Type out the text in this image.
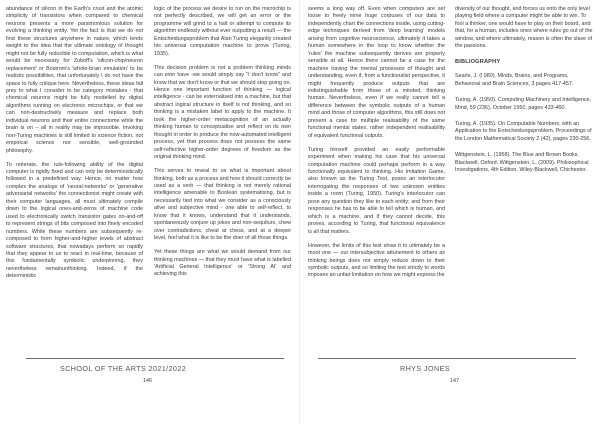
abundance of silicon in the Earth's crust and the atomic simplicity of transistors when compared to chemical neurons presents a more parsimonious solution for evolving a thinking entity. Yet the fact is that we do not find these structures anywhere in nature, which lends weight to the idea that the ultimate ontology of thought might not be fully reducible to computation, which is what would be necessary for Zuboff's 'silicon-chip/neuron replacement' or Bostrom's 'whole-brain emulation' to be realistic possibilities, that unfortunately I do not have the space to fully critique here. Nevertheless, these ideas fall prey to what I consider to be category mistakes - that chemical neurons might be fully modelled by digital algorithms running on electronic microchips, or that we can non-destructively measure and replace both individual neurons and their entire connectome while the brain is on – all in reality may be impossible. Invoking non-Turing machines is still limited to science fiction, not empirical science nor sensible, well-grounded philosophy.

To reiterate, the rule-following ability of the digital computer is rigidly fixed and can only be deterministically followed in a predefined way. Hence, no matter how complex the analogs of 'neural-networks' or 'generative adversarial networks' the connectionist might create with their computer languages, all must ultimately compile down to the logical ones-and-zeros of machine code used to electronically switch transistor gates on-and-off to represent strings of bits composed into finely encoded numbers. While these numbers are subsequently re-composed to form higher-and-higher levels of abstract software structures, that nowadays perform so rapidly that they appear to us to react in real-time, because of this fundamentally symbolic underpinning, they nevertheless remainunthinking. Indeed, if the deterministic

logic of the process we desire to run on the microchip is not perfectly described, we will get an error or the programme will grind to a halt or attempt to compute its algorithm endlessly without ever outputting a result — the Entscheidungsproblem that Alan Turing elegantly created his universal computation machine to prove (Turing, 1935).

This decision problem is not a problem thinking minds can ever have -we would simply say "I don't know" and know that we don't know or that we should stop going on. Hence one important function of thinking — logical intelligence - can be externalised into a machine, but that abstract logical structure in itself is not thinking, and so thinking is a mistaken label to apply to the machine. It took the higher-order metacognition of an actually thinking human to conceptualise and reflect on its own thought in order to produce the now-automated intelligent process, yet that process does not possess the same self-reflective higher-order degrees of freedom as the original thinking mind.

This serves to reveal to us what is important about thinking, both as a process and how it should correctly be used as a verb — that thinking is not merely rational intelligence amenable to Boolean systematising, but is necessarily tied into what we consider as a consciously alive and subjective mind - one able to self-reflect, to know that it knows, understand that it understands, spontaneously conjure up jokes and non-sequiturs, chew over contradictions, cheat at chess, and at a deeper level, feel what it is like to be the doer of all those things.

Yet these things are what we would demand from our thinking machines — that they must have what is labelled 'Artificial General Intelligence' or 'Strong AI' and achieving this

seems a long way off. Even when computers are set loose to freely mine huge corpuses of our data to independently chart the connections inside, using cutting-edge techniques derived from 'deep learning' models arising from cognitive neuroscience, ultimately it takes a human somewhere in the loop to know whether the 'rules' the machine subsequently derives are properly sensible at all. Hence there cannot be a case for the machine having the mental processes of thought and understanding, even if, from a functionalist perspective, it might frequently produce outputs that are indistinguishable from those of a minded, thinking human. Nevertheless, even if we really cannot tell a difference between the symbolic outputs of a human mind and those of computer algorithms, this still does not present a case for multiple realisability of the same functional mental states, rather independent realisability of equivalent functional outputs.

Turing himself provided an easily performable experiment when making his case that his universal computation machine could perhaps perform in a way functionally equivalent to thinking. His Imitation Game, also known as the Turing Test, poses an interlocutor interrogating the responses of two unknown entities inside a room (Turing, 1950). Turing's interlocutor can pose any question they like to each entity; and from their responses he has to be able to tell which is human, and which is a machine, and if they cannot decide, this proves, according to Turing, that functional equivalence is all that matters.

However, the limits of this test show it to ultimately be a moot one — our intersubjective attunement to others as thinking beings does not simply reduce down to their symbolic outputs, and so limiting the test strictly to words imposes an unfair limitation on how we might express the

diversity of our thought, and forces us onto the only level playing field where a computer might be able to win. To fool a thinker, one would have to play on their board, and that, for a human, includes ones where rules go out of the window, and where ultimately, reason is often the slave of the passions.

BIBLIOGRAPHY

Searle, J. (l 980). Minds, Brains, and Programs, Behavioral and Brain Sciences, 3 pages 417-457.

Turing, A. (1950). Computing Machinery and Intelligence, Mind, 59 (236), October 1950, pages 433-460.

Turing, A. (1935). On Computable Numbers, with an Application to the Entscheidungsproblem, Proceedings of the London Mathematical Society 2 (42), pages 230-256.

Wittgenstein, L. (1958). The Blue and Brown Books. Blackwell, Oxford. Wittgenstein, L. (2009). Philosophical Investigations, 4th Edition. Wiley-Blackwell, Chichester.

SCHOOL OF THE ARTS 2021/2022	RHYS JONES
146	147
